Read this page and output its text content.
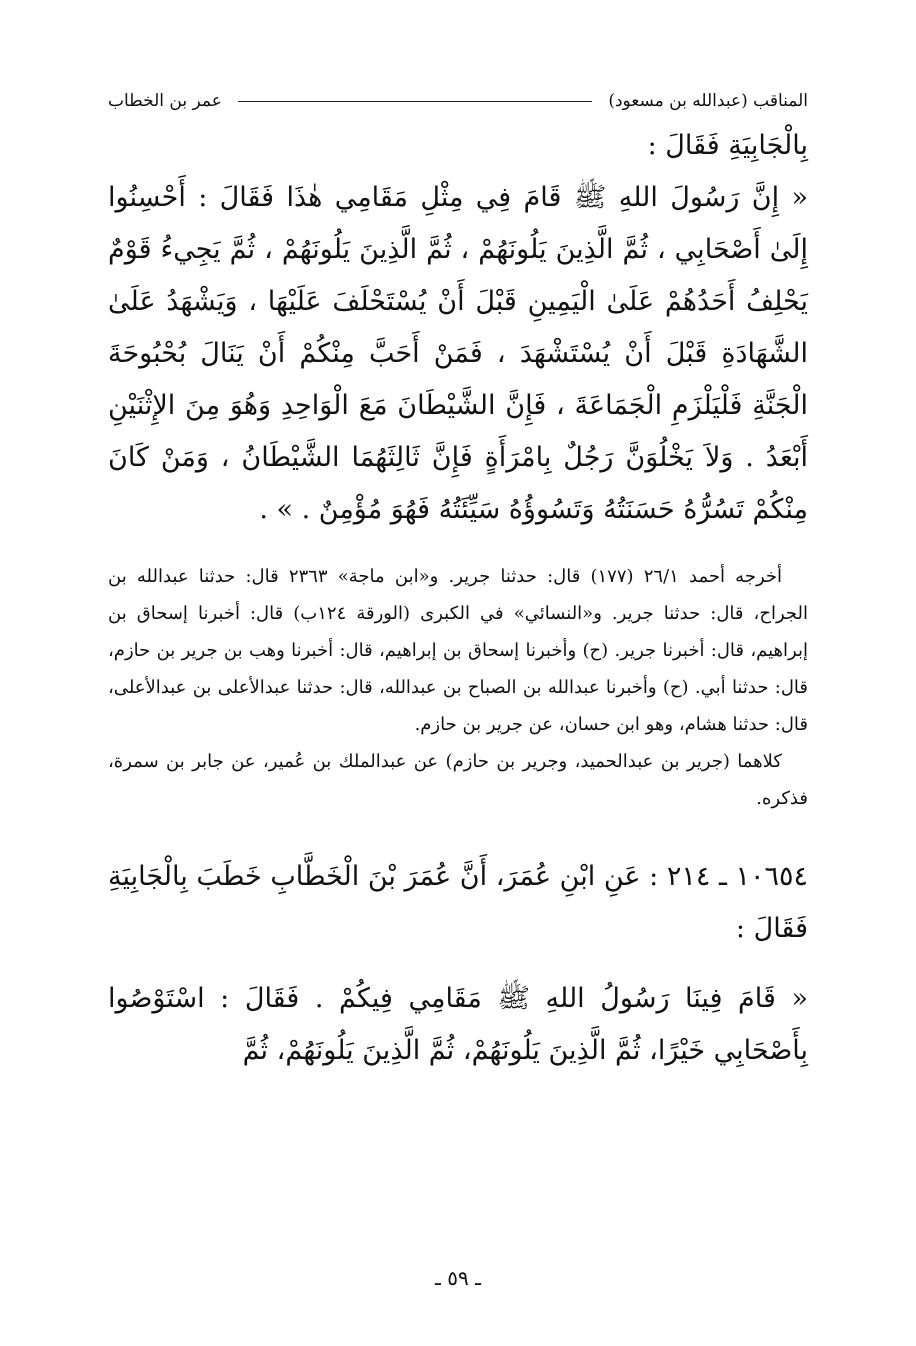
المناقب (عبدالله بن مسعود)
عمر بن الخطاب

بِالْجَابِيَةِ فَقَالَ :

« إِنَّ رَسُولَ اللهِ ﷺ قَامَ فِي مِثْلِ مَقَامِي هٰذَا فَقَالَ : أَحْسِنُوا إِلَىٰ أَصْحَابِي ، ثُمَّ الَّذِينَ يَلُونَهُمْ ، ثُمَّ الَّذِينَ يَلُونَهُمْ ، ثُمَّ يَجِيءُ قَوْمٌ يَحْلِفُ أَحَدُهُمْ عَلَىٰ الْيَمِينِ قَبْلَ أَنْ يُسْتَحْلَفَ عَلَيْهَا ، وَيَشْهَدُ عَلَىٰ الشَّهَادَةِ قَبْلَ أَنْ يُسْتَشْهَدَ ، فَمَنْ أَحَبَّ مِنْكُمْ أَنْ يَنَالَ بُحْبُوحَةَ الْجَنَّةِ فَلْيَلْزَمِ الْجَمَاعَةَ ، فَإِنَّ الشَّيْطَانَ مَعَ الْوَاحِدِ وَهُوَ مِنَ الإِثْنَيْنِ أَبْعَدُ . وَلاَ يَخْلُوَنَّ رَجُلٌ بِامْرَأَةٍ فَإِنَّ ثَالِثَهُمَا الشَّيْطَانُ ، وَمَنْ كَانَ مِنْكُمْ تَسُرُّهُ حَسَنَتُهُ وَتَسُوؤُهُ سَيِّئَتُهُ فَهُوَ مُؤْمِنٌ . » .

أخرجه أحمد ٢٦/١ (١٧٧) قال: حدثنا جرير. و«ابن ماجة» ٢٣٦٣ قال: حدثنا عبدالله بن الجراح، قال: حدثنا جرير. و«النسائي» في الكبرى (الورقة ١٢٤ب) قال: أخبرنا إسحاق بن إبراهيم، قال: أخبرنا جرير. (ح) وأخبرنا إسحاق بن إبراهيم، قال: أخبرنا وهب بن جرير بن حازم، قال: حدثنا أبي. (ح) وأخبرنا عبدالله بن الصباح بن عبدالله، قال: حدثنا عبدالأعلى بن عبدالأعلى، قال: حدثنا هشام، وهو ابن حسان، عن جرير بن حازم.

كلاهما (جرير بن عبدالحميد، وجرير بن حازم) عن عبدالملك بن عُمير، عن جابر بن سمرة، فذكره.

١٠٦٥٤ ـ ٢١٤ : عَنِ ابْنِ عُمَرَ، أَنَّ عُمَرَ بْنَ الْخَطَّابِ خَطَبَ بِالْجَابِيَةِ فَقَالَ :

« قَامَ فِينَا رَسُولُ اللهِ ﷺ مَقَامِي فِيكُمْ . فَقَالَ : اسْتَوْصُوا بِأَصْحَابِي خَيْرًا، ثُمَّ الَّذِينَ يَلُونَهُمْ، ثُمَّ الَّذِينَ يَلُونَهُمْ، ثُمَّ

ـ ٥٩ ـ
